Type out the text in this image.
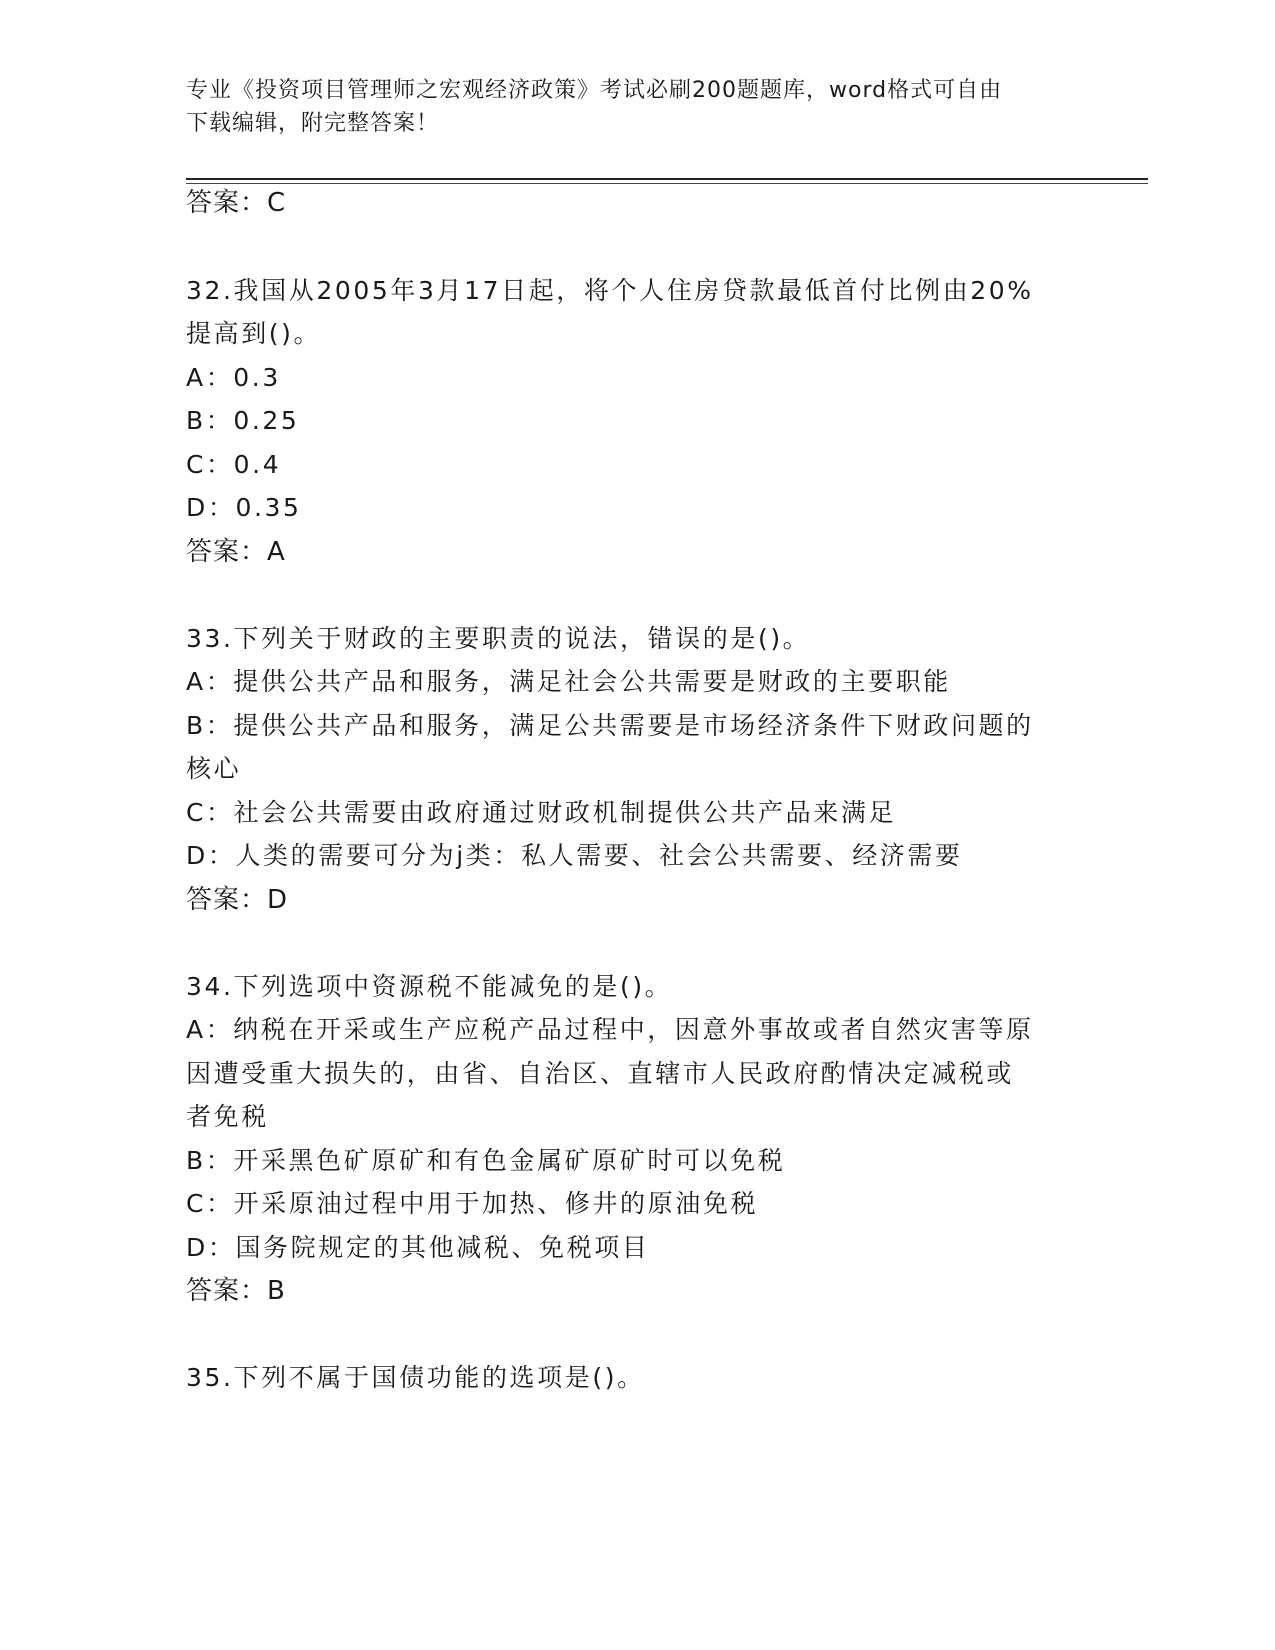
专业《投资项目管理师之宏观经济政策》考试必刷200题题库，word格式可自由
下载编辑，附完整答案！
答案：C
32.我国从2005年3月17日起，将个人住房贷款最低首付比例由20%
提高到()。
A：0.3
B：0.25
C：0.4
D：0.35
答案：A
33.下列关于财政的主要职责的说法，错误的是()。
A：提供公共产品和服务，满足社会公共需要是财政的主要职能
B：提供公共产品和服务，满足公共需要是市场经济条件下财政问题的
核心
C：社会公共需要由政府通过财政机制提供公共产品来满足
D：人类的需要可分为j类：私人需要、社会公共需要、经济需要
答案：D
34.下列选项中资源税不能减免的是()。
A：纳税在开采或生产应税产品过程中，因意外事故或者自然灾害等原
因遭受重大损失的，由省、自治区、直辖市人民政府酌情决定减税或
者免税
B：开采黑色矿原矿和有色金属矿原矿时可以免税
C：开采原油过程中用于加热、修井的原油免税
D：国务院规定的其他减税、免税项目
答案：B
35.下列不属于国债功能的选项是()。
